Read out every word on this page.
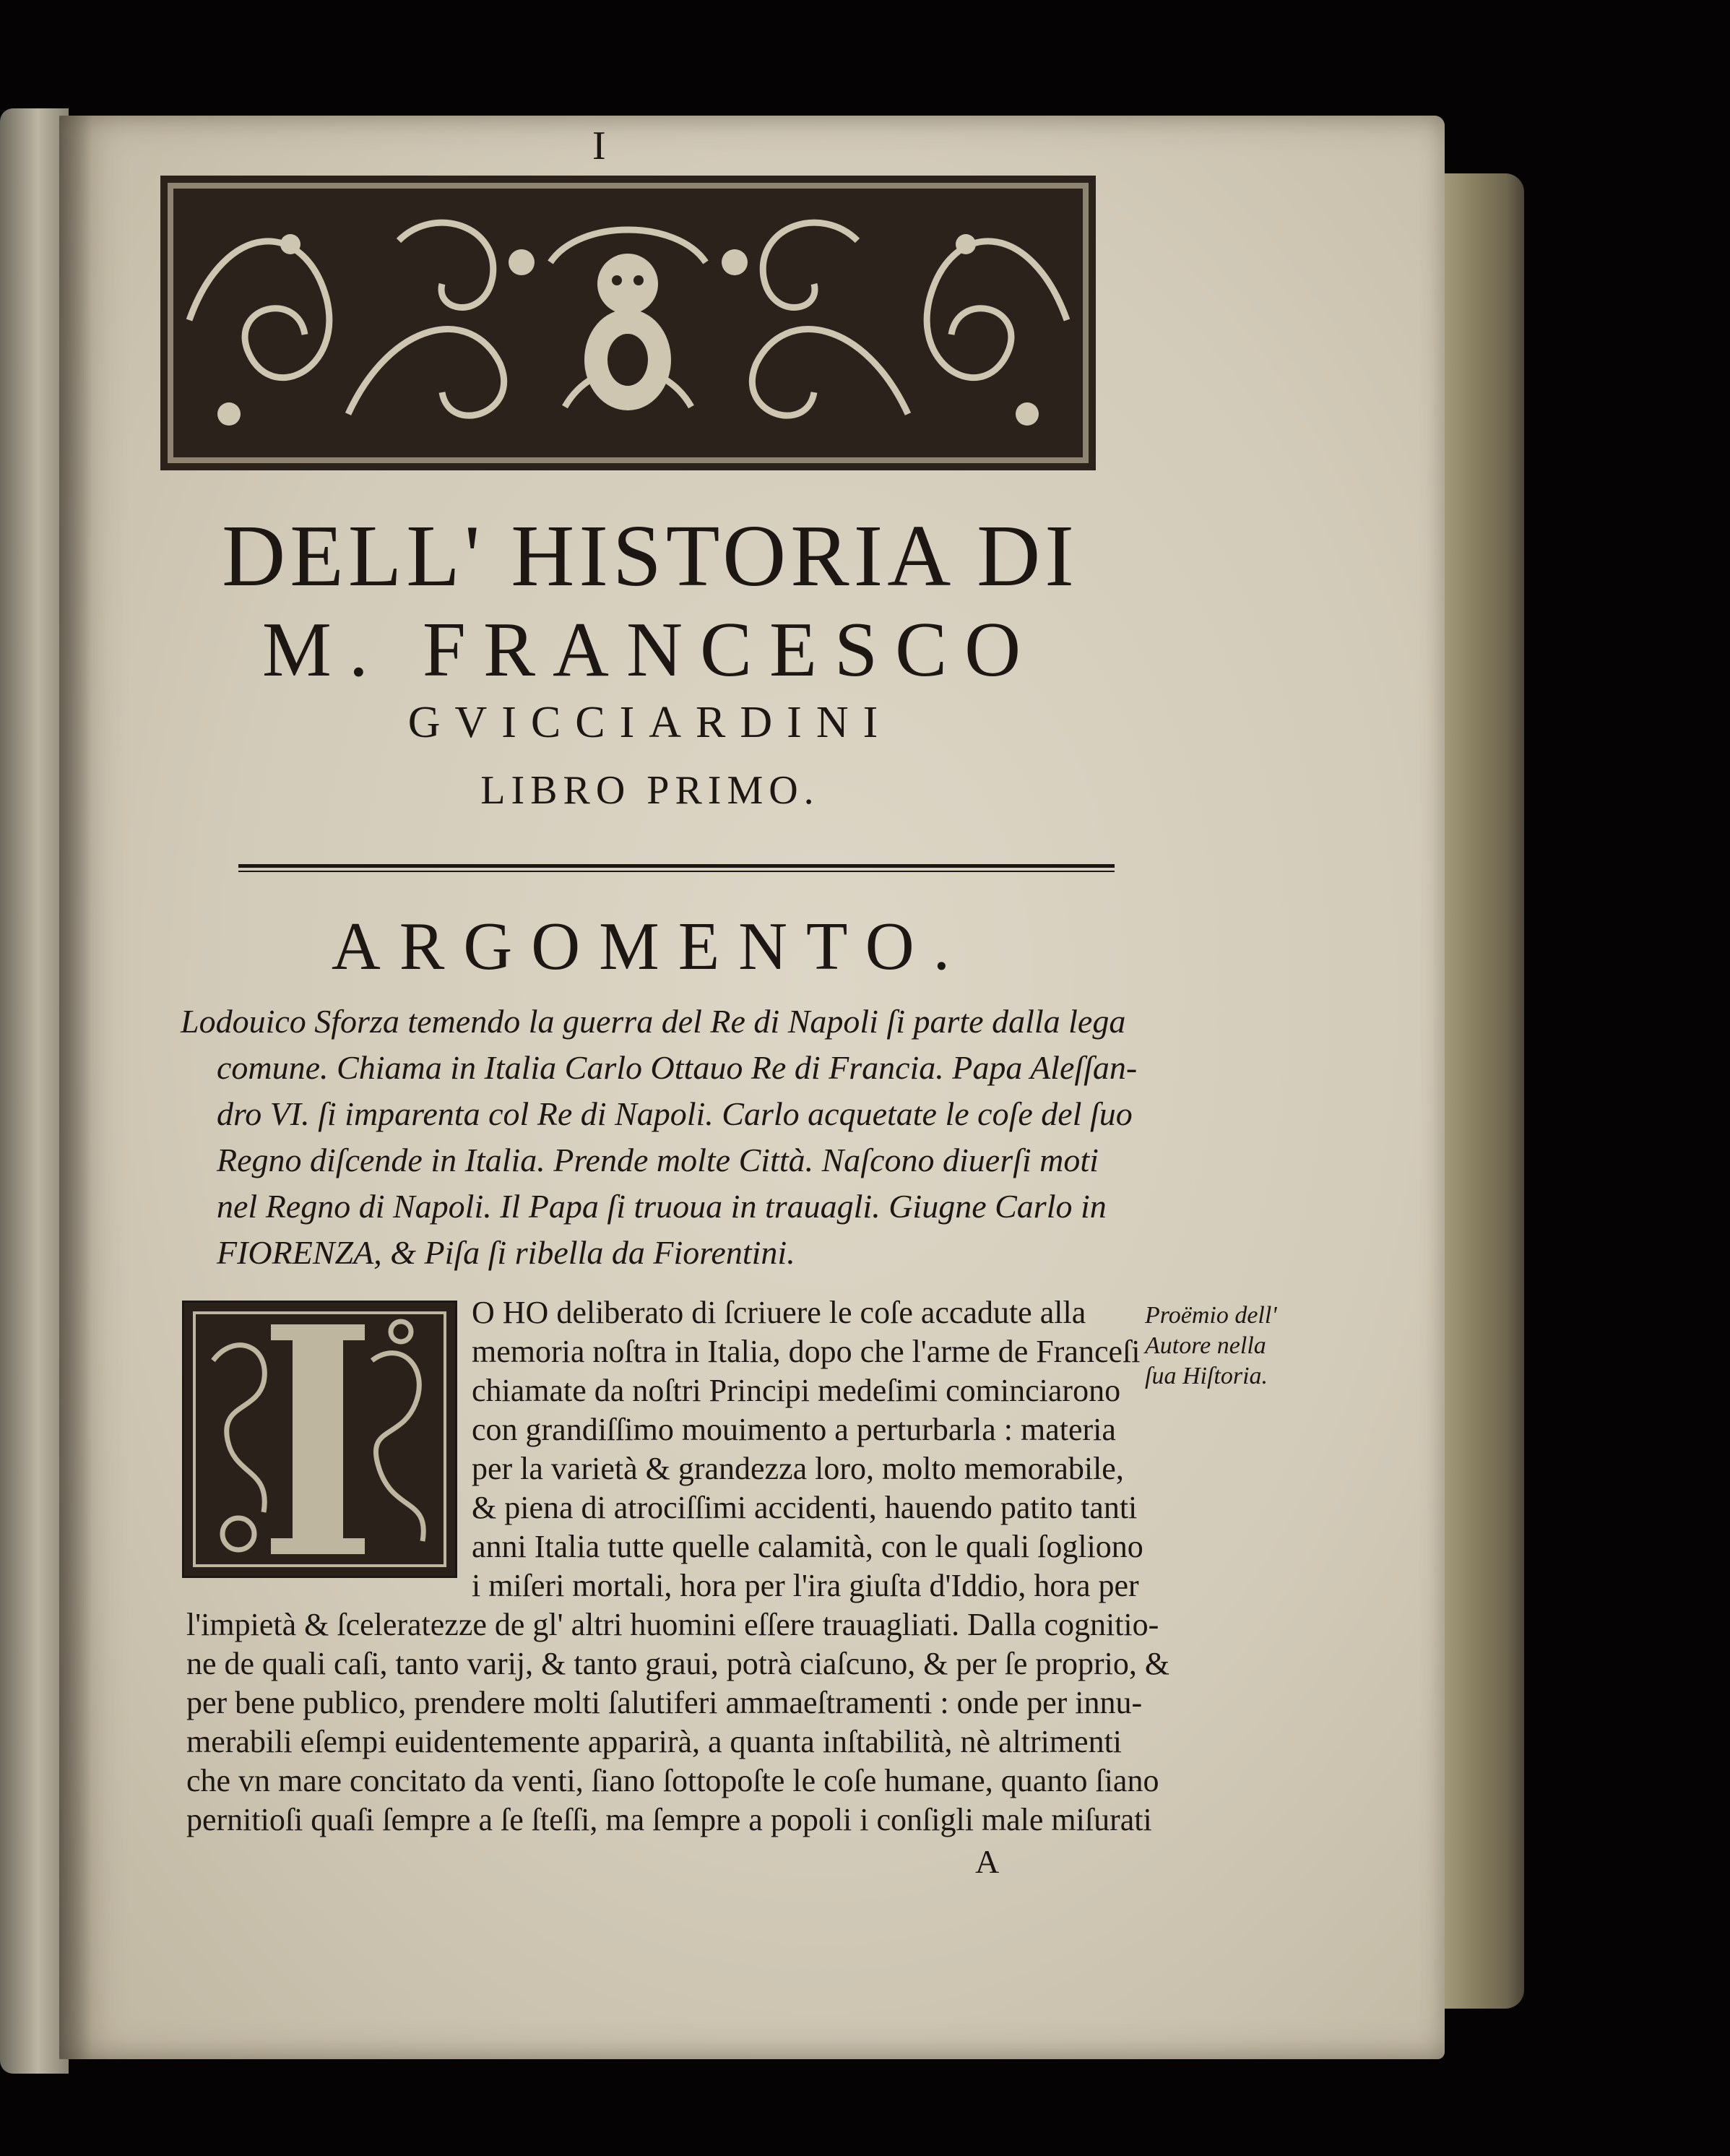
I
DELL' HISTORIA DI
M. FRANCESCO
GVICCIARDINI
LIBRO PRIMO.
ARGOMENTO.
Lodouico Sforza temendo la guerra del Re di Napoli ſi parte dalla lega
comune. Chiama in Italia Carlo Ottauo Re di Francia. Papa Aleſſan-
dro VI. ſi imparenta col Re di Napoli. Carlo acquetate le coſe del ſuo
Regno diſcende in Italia. Prende molte Città. Naſcono diuerſi moti
nel Regno di Napoli. Il Papa ſi truoua in trauagli. Giugne Carlo in
FIORENZA, & Piſa ſi ribella da Fiorentini.
O HO deliberato di ſcriuere le coſe accadute alla
memoria noſtra in Italia, dopo che l'arme de Franceſi
chiamate da noſtri Principi medeſimi cominciarono
con grandiſſimo mouimento a perturbarla : materia
per la varietà & grandezza loro, molto memorabile,
& piena di atrociſſimi accidenti, hauendo patito tanti
anni Italia tutte quelle calamità, con le quali ſogliono
i miſeri mortali, hora per l'ira giuſta d'Iddio, hora per
l'impietà & ſceleratezze de gl' altri huomini eſſere trauagliati. Dalla cognitio-
ne de quali caſi, tanto varij, & tanto graui, potrà ciaſcuno, & per ſe proprio, &
per bene publico, prendere molti ſalutiferi ammaeſtramenti : onde per innu-
merabili eſempi euidentemente apparirà, a quanta inſtabilità, nè altrimenti
che vn mare concitato da venti, ſiano ſottopoſte le coſe humane, quanto ſiano
pernitioſi quaſi ſempre a ſe ſteſſi, ma ſempre a popoli i conſigli male miſurati
Proëmio dell'
Autore nella
ſua Hiſtoria.
A
